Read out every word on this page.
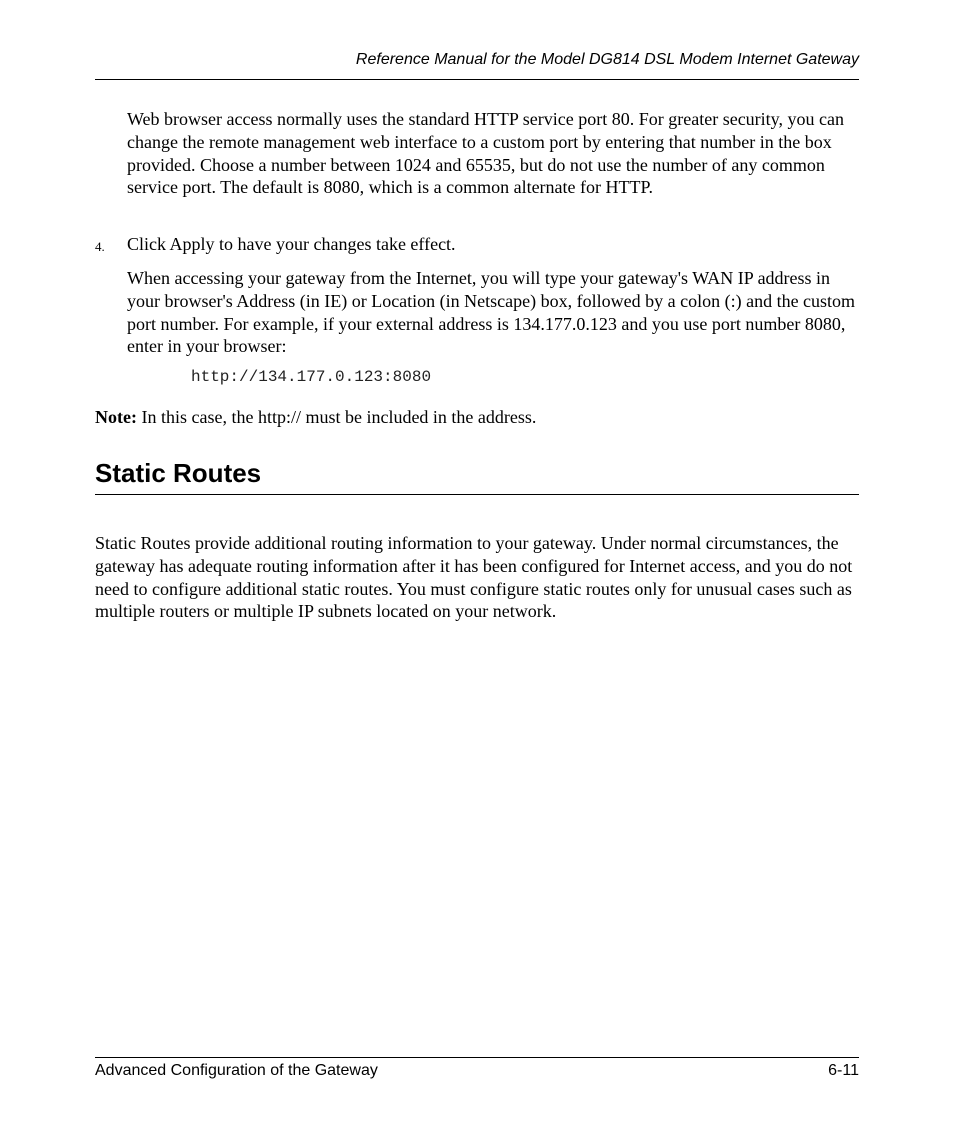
Reference Manual for the Model DG814 DSL Modem Internet Gateway

Web browser access normally uses the standard HTTP service port 80. For greater security, you can change the remote management web interface to a custom port by entering that number in the box provided. Choose a number between 1024 and 65535, but do not use the number of any common service port. The default is 8080, which is a common alternate for HTTP.

4. Click Apply to have your changes take effect.

When accessing your gateway from the Internet, you will type your gateway's WAN IP address in your browser's Address (in IE) or Location (in Netscape) box, followed by a colon (:) and the custom port number. For example, if your external address is 134.177.0.123 and you use port number 8080, enter in your browser:

http://134.177.0.123:8080
Note: In this case, the http:// must be included in the address.
Static Routes

Static Routes provide additional routing information to your gateway. Under normal circumstances, the gateway has adequate routing information after it has been configured for Internet access, and you do not need to configure additional static routes. You must configure static routes only for unusual cases such as multiple routers or multiple IP subnets located on your network.

Advanced Configuration of the Gateway	6-11
